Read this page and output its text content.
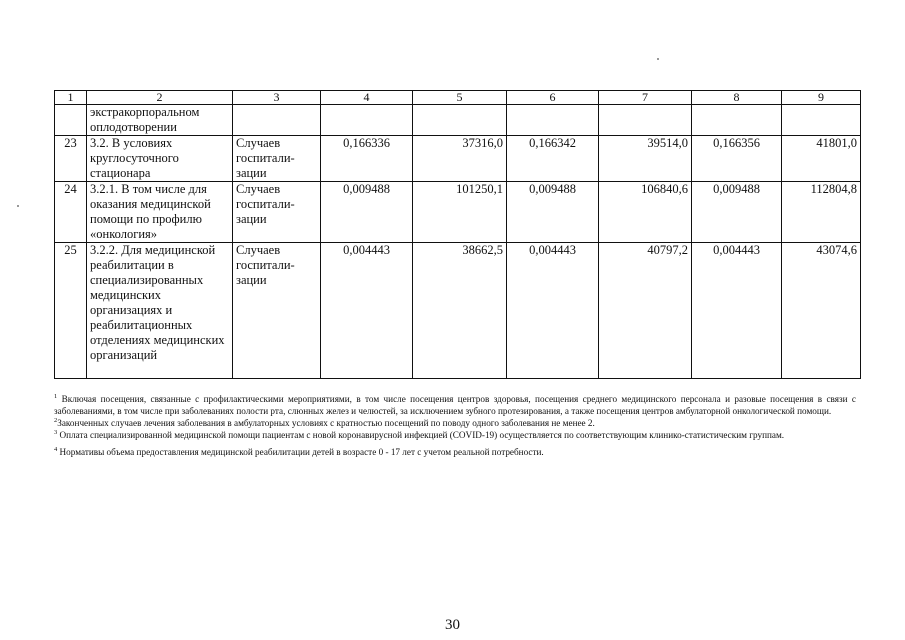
1	2	3	4	5	6	7	8	9
	экстракорпоральном оплодотворении							
23	3.2. В условиях круглосуточного стационара	Случаев госпитали-зации	0,166336	37316,0	0,166342	39514,0	0,166356	41801,0
24	3.2.1. В том числе для оказания медицинской помощи по профилю «онкология»	Случаев госпитали-зации	0,009488	101250,1	0,009488	106840,6	0,009488	112804,8
25	3.2.2. Для медицинской реабилитации в специализированных медицинских организациях и реабилитационных отделениях медицинских организаций	Случаев госпитали-зации	0,004443	38662,5	0,004443	40797,2	0,004443	43074,6

$^1$ Включая посещения, связанные с профилактическими мероприятиями, в том числе посещения центров здоровья, посещения среднего медицинского персонала и разовые посещения в связи с заболеваниями, в том числе при заболеваниях полости рта, слюнных желез и челюстей, за исключением зубного протезирования, а также посещения центров амбулаторной онкологической помощи.

$^2$Законченных случаев лечения заболевания в амбулаторных условиях с кратностью посещений по поводу одного заболевания не менее 2.

$^3$ Оплата специализированной медицинской помощи пациентам с новой коронавирусной инфекцией (COVID-19) осуществляется по соответствующим клинико-статистическим группам.

$^4$ Нормативы объема предоставления медицинской реабилитации детей в возрасте 0 - 17 лет с учетом реальной потребности.

30
